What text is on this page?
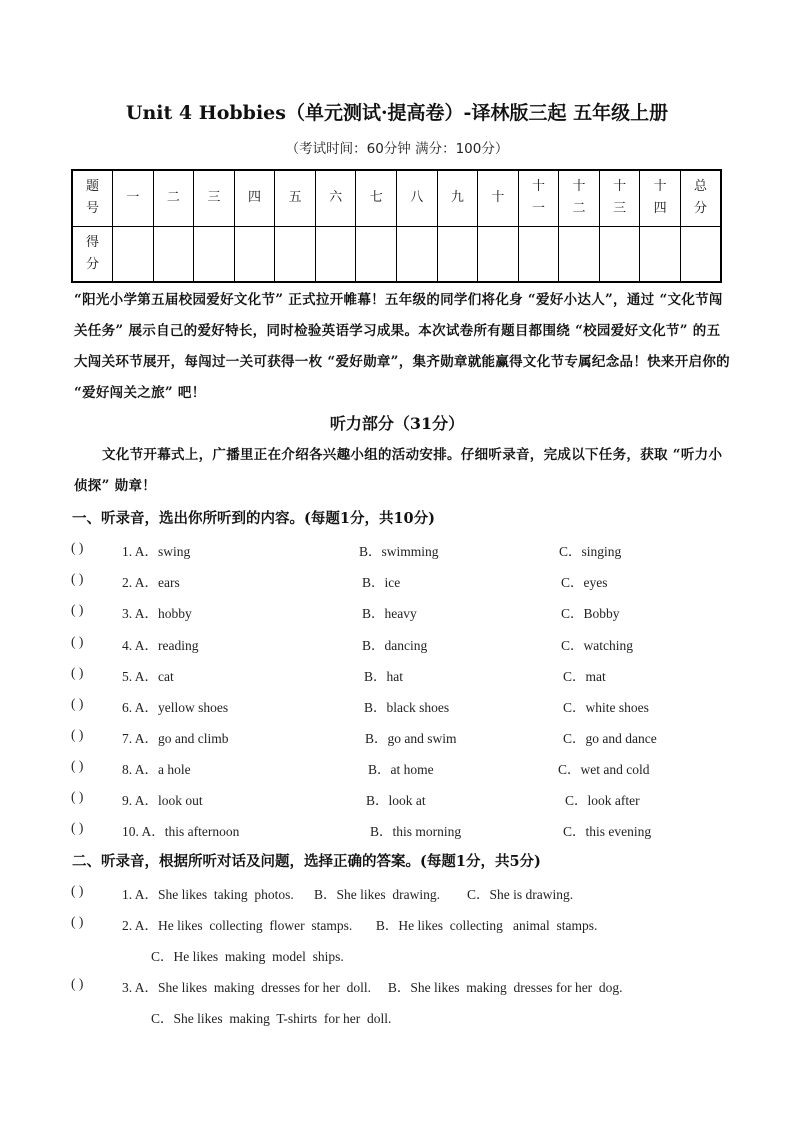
Unit 4 Hobbies（单元测试·提高卷）-译林版三起 五年级上册
（考试时间：60分钟 满分：100分）
题号	一	二	三	四	五	六	七	八	九	十	十一	十二	十三	十四	总分
得分															
“阳光小学第五届校园爱好文化节” 正式拉开帷幕！五年级的同学们将化身 “爱好小达人”，通过 “文化节闯关任务” 展示自己的爱好特长，同时检验英语学习成果。本次试卷所有题目都围绕 “校园爱好文化节” 的五大闯关环节展开，每闯过一关可获得一枚 “爱好勋章”，集齐勋章就能赢得文化节专属纪念品！快来开启你的 “爱好闯关之旅” 吧！
听力部分（31分）
文化节开幕式上，广播里正在介绍各兴趣小组的活动安排。仔细听录音，完成以下任务，获取 “听力小侦探” 勋章！
一、听录音，选出你所听到的内容。(每题1分，共10分)
( )	1. A．swing	B．swimming	C．singing
( )	2. A．ears	B．ice	C．eyes
( )	3. A．hobby	B．heavy	C．Bobby
( )	4. A．reading	B．dancing	C．watching
( )	5. A．cat	B．hat	C．mat
( )	6. A．yellow shoes	B．black shoes	C．white shoes
( )	7. A．go and climb	B．go and swim	C．go and dance
( )	8. A．a hole	B．at home	C．wet and cold
( )	9. A．look out	B．look at	C．look after
( )	10. A．this afternoon	B．this morning	C．this evening
二、听录音，根据所听对话及问题，选择正确的答案。(每题1分，共5分)
( )	1. A．She likes  taking  photos.      B．She likes  drawing.        C．She is drawing.
( )	2. A．He likes  collecting  flower  stamps.       B．He likes  collecting   animal  stamps.
C．He likes  making  model  ships.
( )	3. A．She likes  making  dresses for her  doll.     B．She likes  making  dresses for her  dog.
C．She likes  making  T-shirts  for her  doll.
